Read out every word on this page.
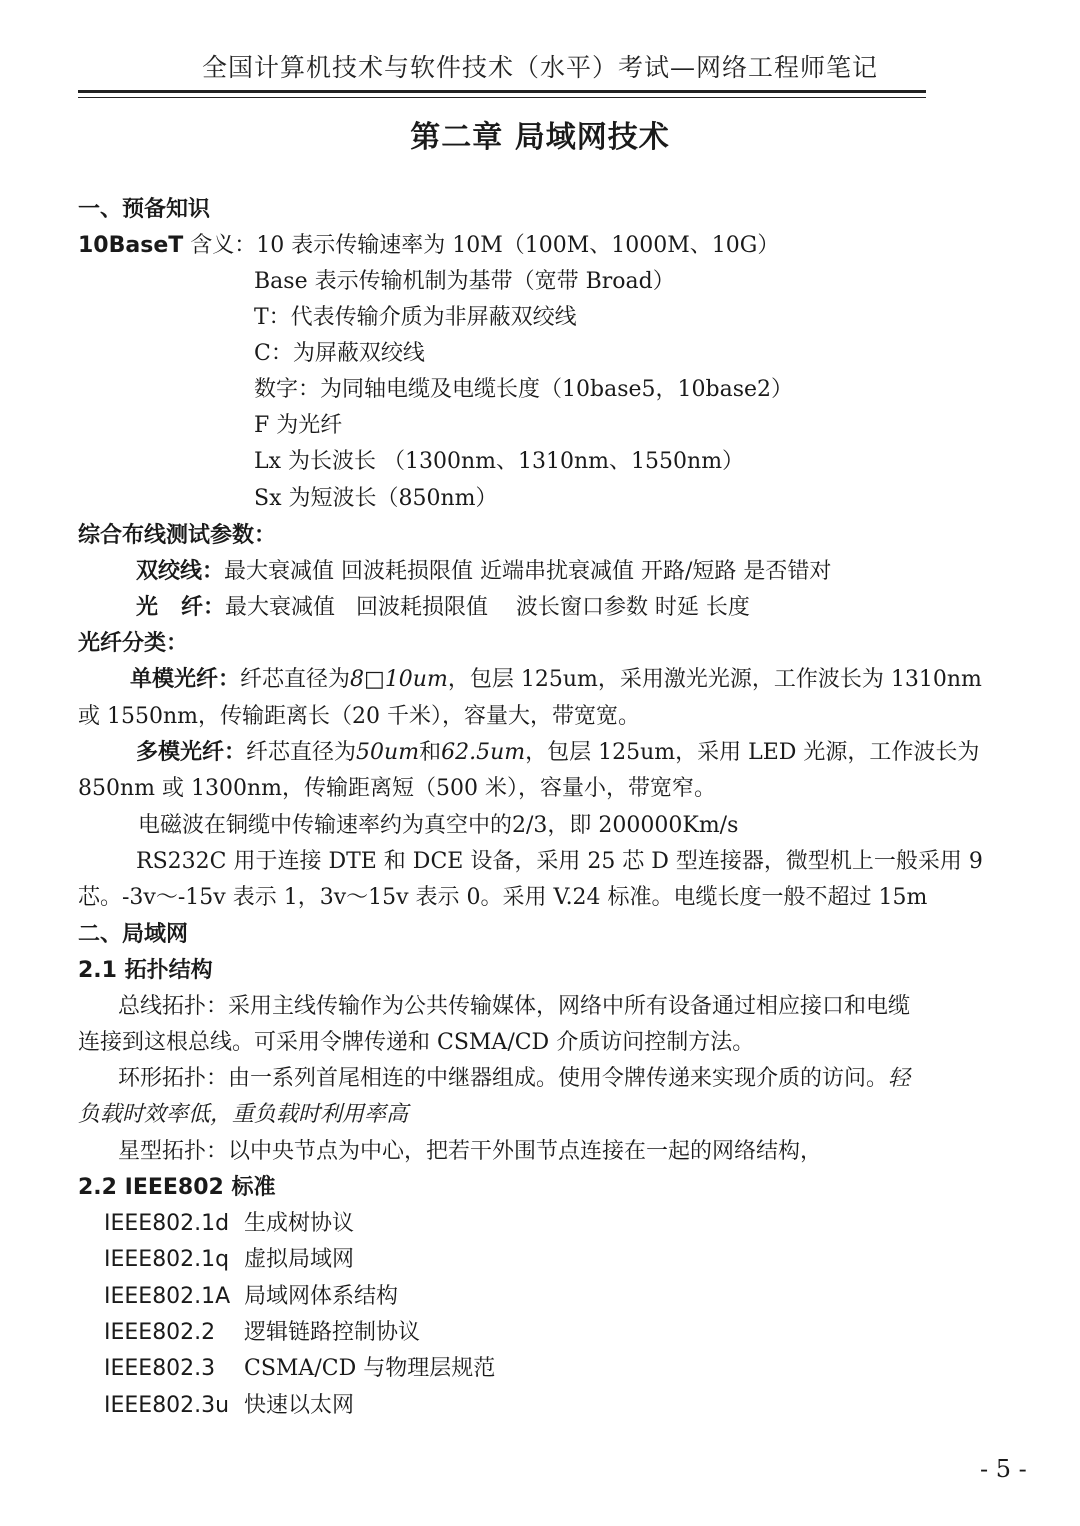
全国计算机技术与软件技术（水平）考试—网络工程师笔记
第二章 局域网技术
一、预备知识
10BaseT 含义：10 表示传输速率为 10M（100M、1000M、10G）
Base 表示传输机制为基带（宽带 Broad）
T：代表传输介质为非屏蔽双绞线
C：为屏蔽双绞线
数字：为同轴电缆及电缆长度（10base5，10base2）
F 为光纤
Lx 为长波长 （1300nm、1310nm、1550nm）
Sx 为短波长（850nm）
综合布线测试参数：
双绞线：最大衰减值 回波耗损限值 近端串扰衰减值 开路/短路 是否错对
光   纤：最大衰减值   回波耗损限值    波长窗口参数 时延 长度
光纤分类：
单模光纤：纤芯直径为8□10um，包层 125um，采用激光光源，工作波长为 1310nm
或 1550nm，传输距离长（20 千米），容量大，带宽宽。
多模光纤：纤芯直径为50um和62.5um，包层 125um，采用 LED 光源，工作波长为
850nm 或 1300nm，传输距离短（500 米），容量小，带宽窄。
电磁波在铜缆中传输速率约为真空中的2/3，即 200000Km/s
RS232C 用于连接 DTE 和 DCE 设备，采用 25 芯 D 型连接器，微型机上一般采用 9
芯。-3v～-15v 表示 1，3v～15v 表示 0。采用 V.24 标准。电缆长度一般不超过 15m
二、局域网
2.1 拓扑结构
总线拓扑：采用主线传输作为公共传输媒体，网络中所有设备通过相应接口和电缆
连接到这根总线。可采用令牌传递和 CSMA/CD 介质访问控制方法。
环形拓扑：由一系列首尾相连的中继器组成。使用令牌传递来实现介质的访问。轻
负载时效率低，重负载时利用率高
星型拓扑：以中央节点为中心，把若干外围节点连接在一起的网络结构，
2.2 IEEE802 标准
IEEE802.1d 生成树协议
IEEE802.1q 虚拟局域网
IEEE802.1A 局域网体系结构
IEEE802.2 逻辑链路控制协议
IEEE802.3 CSMA/CD 与物理层规范
IEEE802.3u 快速以太网
- 5 -
